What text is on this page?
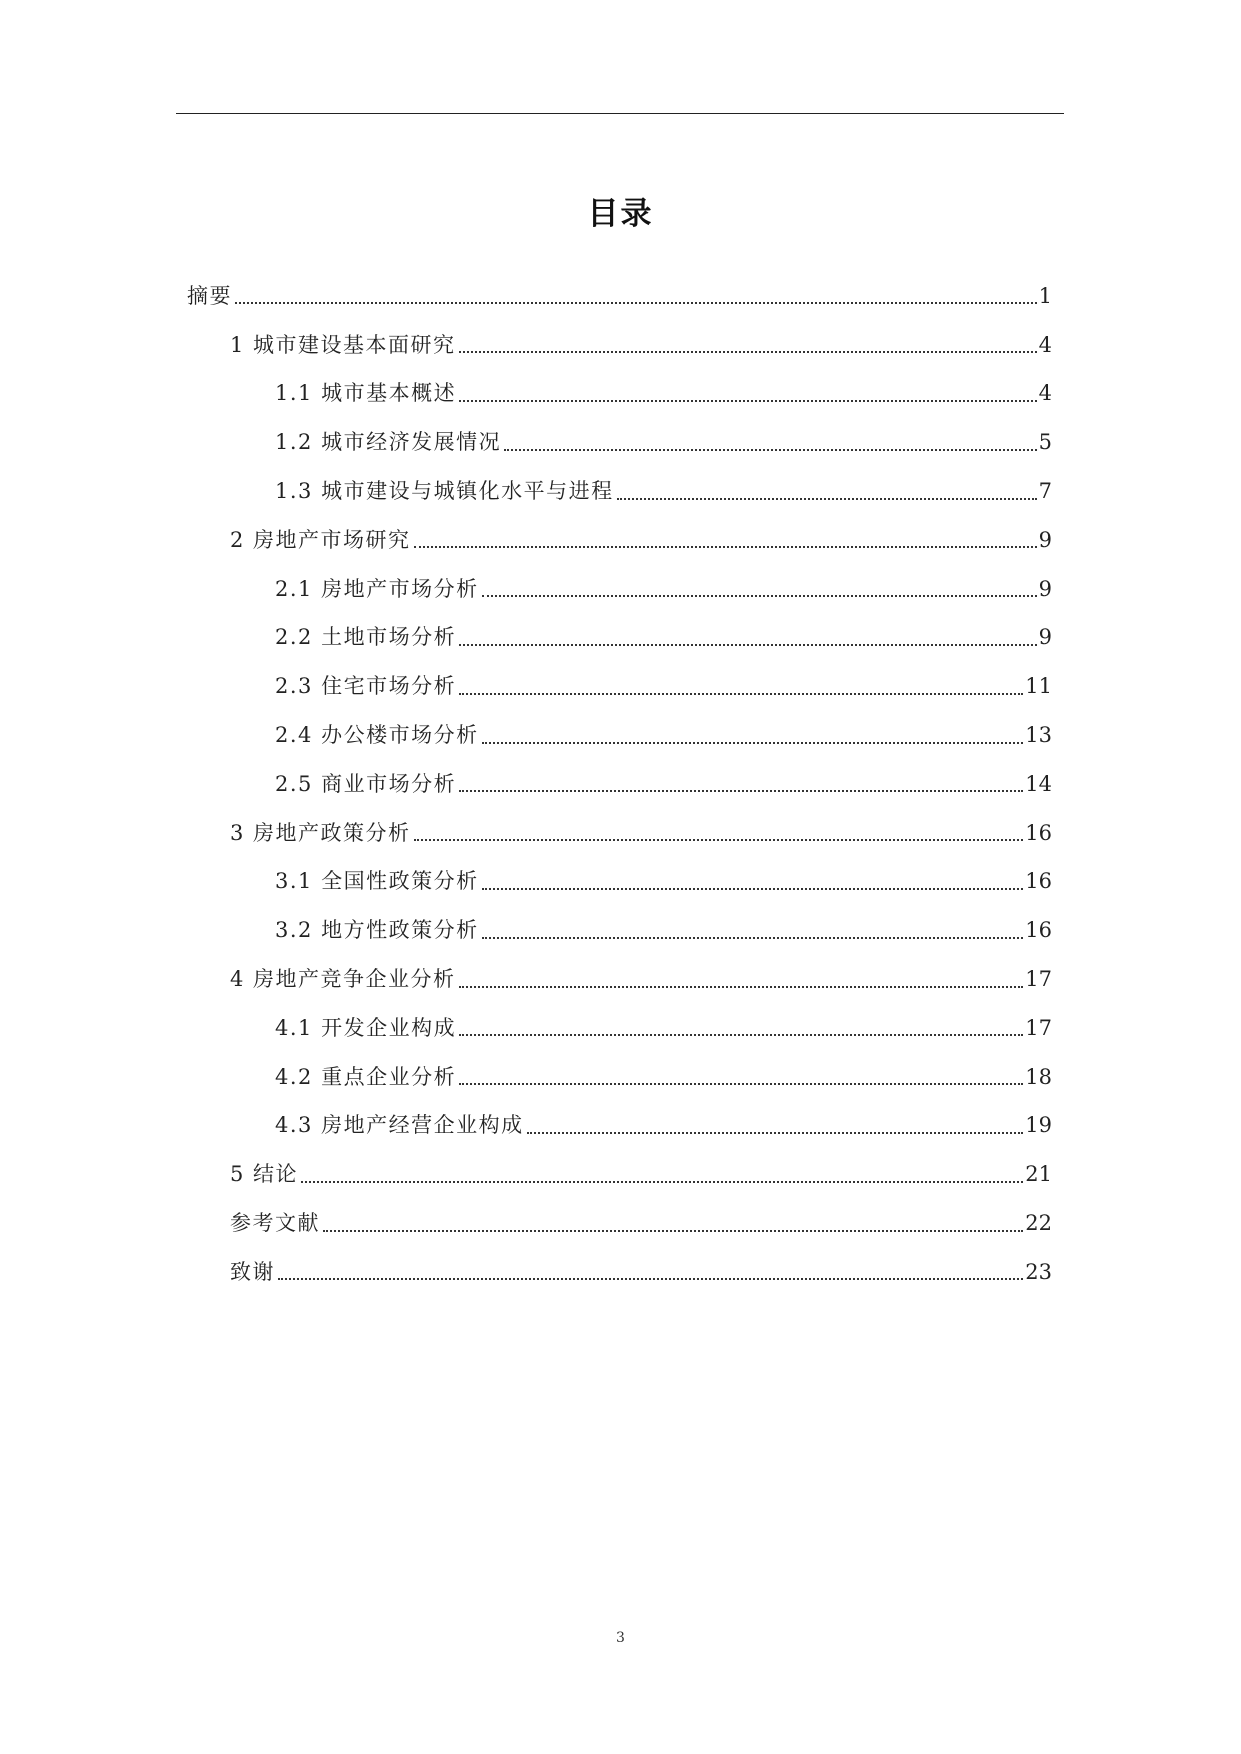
目录
摘要	1
1 城市建设基本面研究	4
1.1 城市基本概述	4
1.2 城市经济发展情况	5
1.3 城市建设与城镇化水平与进程	7
2 房地产市场研究	9
2.1 房地产市场分析	9
2.2 土地市场分析	9
2.3 住宅市场分析	11
2.4 办公楼市场分析	13
2.5 商业市场分析	14
3 房地产政策分析	16
3.1 全国性政策分析	16
3.2 地方性政策分析	16
4 房地产竞争企业分析	17
4.1 开发企业构成	17
4.2 重点企业分析	18
4.3 房地产经营企业构成	19
5 结论	21
参考文献	22
致谢	23
3
